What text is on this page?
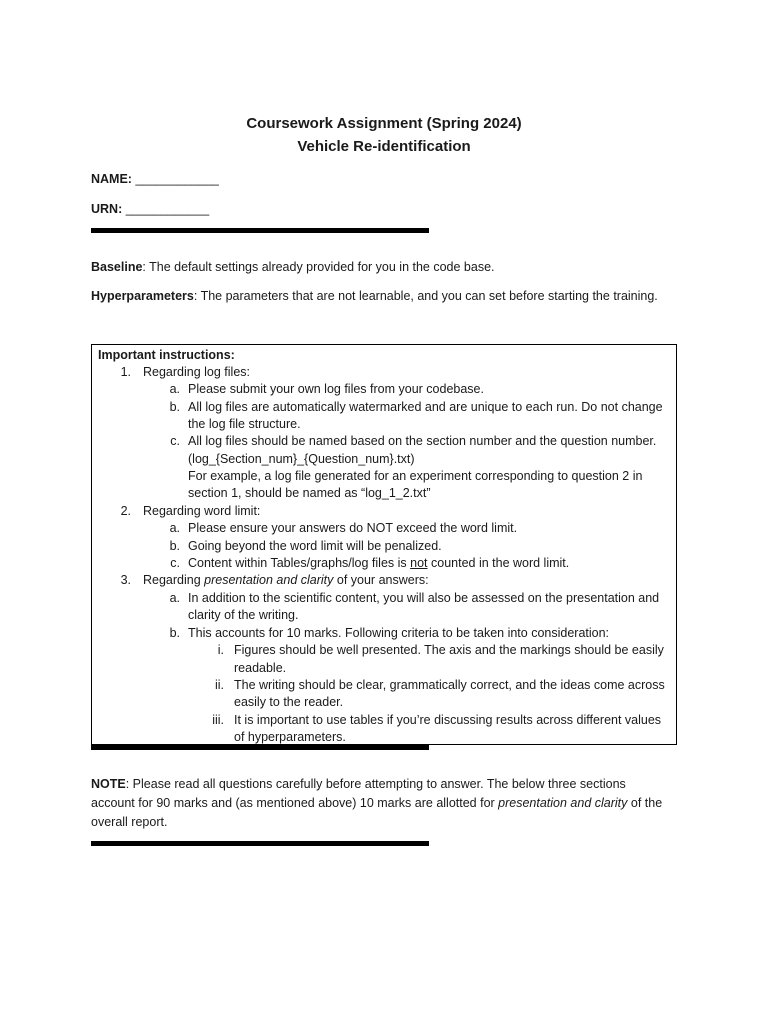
Coursework Assignment (Spring 2024)
Vehicle Re-identification
NAME: ____________
URN: ____________
Baseline: The default settings already provided for you in the code base.
Hyperparameters: The parameters that are not learnable, and you can set before starting the training.
Important instructions:
1. Regarding log files:
a. Please submit your own log files from your codebase.
b. All log files are automatically watermarked and are unique to each run. Do not change
the log file structure.
c. All log files should be named based on the section number and the question number.
(log_{Section_num}_{Question_num}.txt)
For example, a log file generated for an experiment corresponding to question 2 in
section 1, should be named as “log_1_2.txt”
2. Regarding word limit:
a. Please ensure your answers do NOT exceed the word limit.
b. Going beyond the word limit will be penalized.
c. Content within Tables/graphs/log files is not counted in the word limit.
3. Regarding presentation and clarity of your answers:
a. In addition to the scientific content, you will also be assessed on the presentation and
clarity of the writing.
b. This accounts for 10 marks. Following criteria to be taken into consideration:
i. Figures should be well presented. The axis and the markings should be easily
readable.
ii. The writing should be clear, grammatically correct, and the ideas come across
easily to the reader.
iii. It is important to use tables if you’re discussing results across different values
of hyperparameters.
NOTE: Please read all questions carefully before attempting to answer. The below three sections
account for 90 marks and (as mentioned above) 10 marks are allotted for presentation and clarity of the
overall report.
